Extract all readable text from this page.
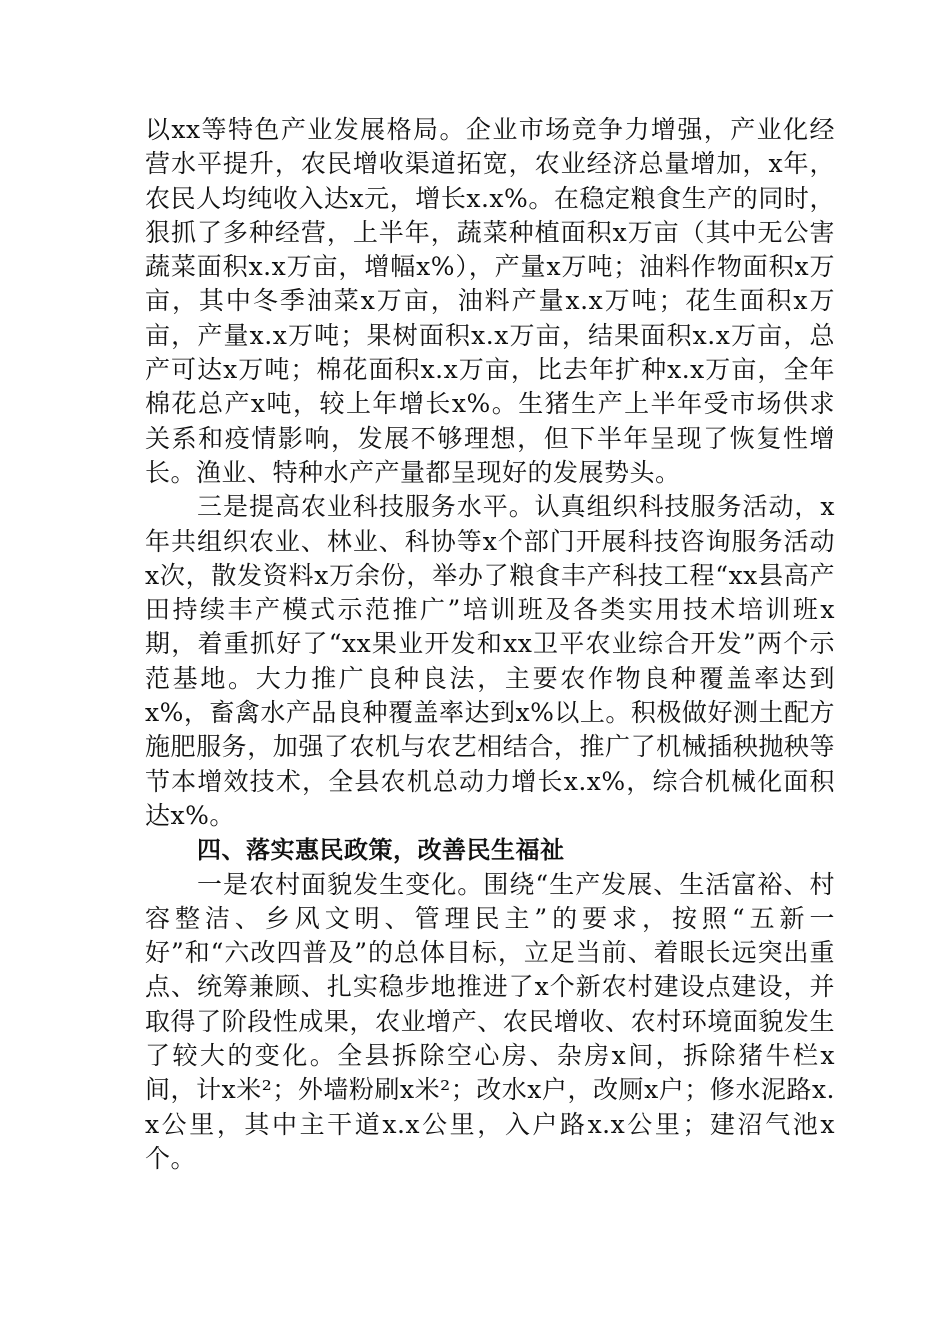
以xx等特色产业发展格局。企业市场竞争力增强，产业化经营水平提升，农民增收渠道拓宽，农业经济总量增加，x年，农民人均纯收入达x元，增长x.x%。在稳定粮食生产的同时，狠抓了多种经营，上半年，蔬菜种植面积x万亩（其中无公害蔬菜面积x.x万亩，增幅x%），产量x万吨；油料作物面积x万亩，其中冬季油菜x万亩，油料产量x.x万吨；花生面积x万亩，产量x.x万吨；果树面积x.x万亩，结果面积x.x万亩，总产可达x万吨；棉花面积x.x万亩，比去年扩种x.x万亩，全年棉花总产x吨，较上年增长x%。生猪生产上半年受市场供求关系和疫情影响，发展不够理想，但下半年呈现了恢复性增长。渔业、特种水产产量都呈现好的发展势头。

三是提高农业科技服务水平。认真组织科技服务活动，x年共组织农业、林业、科协等x个部门开展科技咨询服务活动x次，散发资料x万余份，举办了粮食丰产科技工程“xx县高产田持续丰产模式示范推广”培训班及各类实用技术培训班x期，着重抓好了“xx果业开发和xx卫平农业综合开发”两个示范基地。大力推广良种良法，主要农作物良种覆盖率达到x%，畜禽水产品良种覆盖率达到x%以上。积极做好测土配方施肥服务，加强了农机与农艺相结合，推广了机械插秧抛秧等节本增效技术，全县农机总动力增长x.x%，综合机械化面积达x%。

四、落实惠民政策，改善民生福祉

一是农村面貌发生变化。围绕“生产发展、生活富裕、村容整洁、乡风文明、管理民主”的要求，按照“五新一好”和“六改四普及”的总体目标，立足当前、着眼长远突出重点、统筹兼顾、扎实稳步地推进了x个新农村建设点建设，并取得了阶段性成果，农业增产、农民增收、农村环境面貌发生了较大的变化。全县拆除空心房、杂房x间，拆除猪牛栏x间，计x米²；外墙粉刷x米²；改水x户，改厕x户；修水泥路x.x公里，其中主干道x.x公里，入户路x.x公里；建沼气池x个。
